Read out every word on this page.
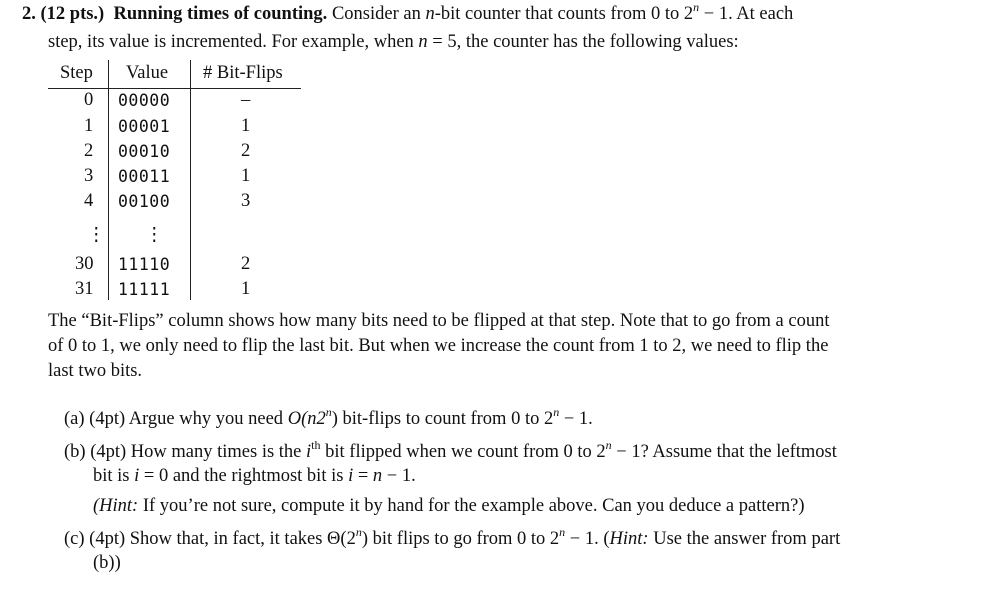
2. (12 pts.) Running times of counting. Consider an n-bit counter that counts from 0 to $2^n - 1$. At each
step, its value is incremented. For example, when n = 5, the counter has the following values:
Step Value # Bit-Flips
0 00000	–
1 00001	1
2 00010	2
3 00011	1
4 00100	3
⋮ ⋮
30 11110	2
31 11111	1
The “Bit-Flips” column shows how many bits need to be flipped at that step. Note that to go from a count
of 0 to 1, we only need to flip the last bit. But when we increase the count from 1 to 2, we need to flip the
last two bits.
(a) (4pt) Argue why you need O(n2$^n$) bit-flips to count from 0 to $2^n - 1$.
(b) (4pt) How many times is the $i^{th}$ bit flipped when we count from 0 to $2^n - 1$? Assume that the leftmost
bit is i = 0 and the rightmost bit is i = n − 1.
(Hint: If you’re not sure, compute it by hand for the example above. Can you deduce a pattern?)
(c) (4pt) Show that, in fact, it takes Θ(2$^n$) bit flips to go from 0 to $2^n - 1$. (Hint: Use the answer from part
(b))
